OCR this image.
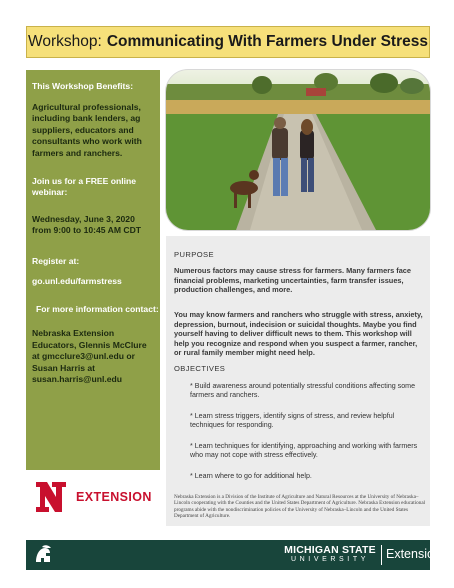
Workshop: Communicating With Farmers Under Stress
This Workshop Benefits:
Agricultural professionals, including bank lenders, ag suppliers, educators and consultants who work with farmers and ranchers.
Join us for a FREE online webinar:
Wednesday, June 3, 2020 from 9:00 to 10:45 AM CDT
Register at:
go.unl.edu/farmstress
For more information contact:
Nebraska Extension Educators, Glennis McClure at gmcclure3@unl.edu or Susan Harris at susan.harris@unl.edu
EXTENSION
PURPOSE
Numerous factors may cause stress for farmers. Many farmers face financial problems, marketing uncertainties, farm transfer issues, production challenges, and more.
You may know farmers and ranchers who struggle with stress, anxiety, depression, burnout, indecision or suicidal thoughts. Maybe you find yourself having to deliver difficult news to them. This workshop will help you recognize and respond when you suspect a farmer, rancher, or rural family member might need help.
OBJECTIVES
* Build awareness around potentially stressful conditions affecting some farmers and ranchers.
* Learn stress triggers, identify signs of stress, and review helpful techniques for responding.
* Learn techniques for identifying, approaching and working with farmers who may not cope with stress effectively.
* Learn where to go for additional help.
Nebraska Extension is a Division of the Institute of Agriculture and Natural Resources at the University of Nebraska–Lincoln cooperating with the Counties and the United States Department of Agriculture. Nebraska Extension educational programs abide with the nondiscrimination policies of the University of Nebraska–Lincoln and the United States Department of Agriculture.
MICHIGAN STATE
UNIVERSITY	Extension
